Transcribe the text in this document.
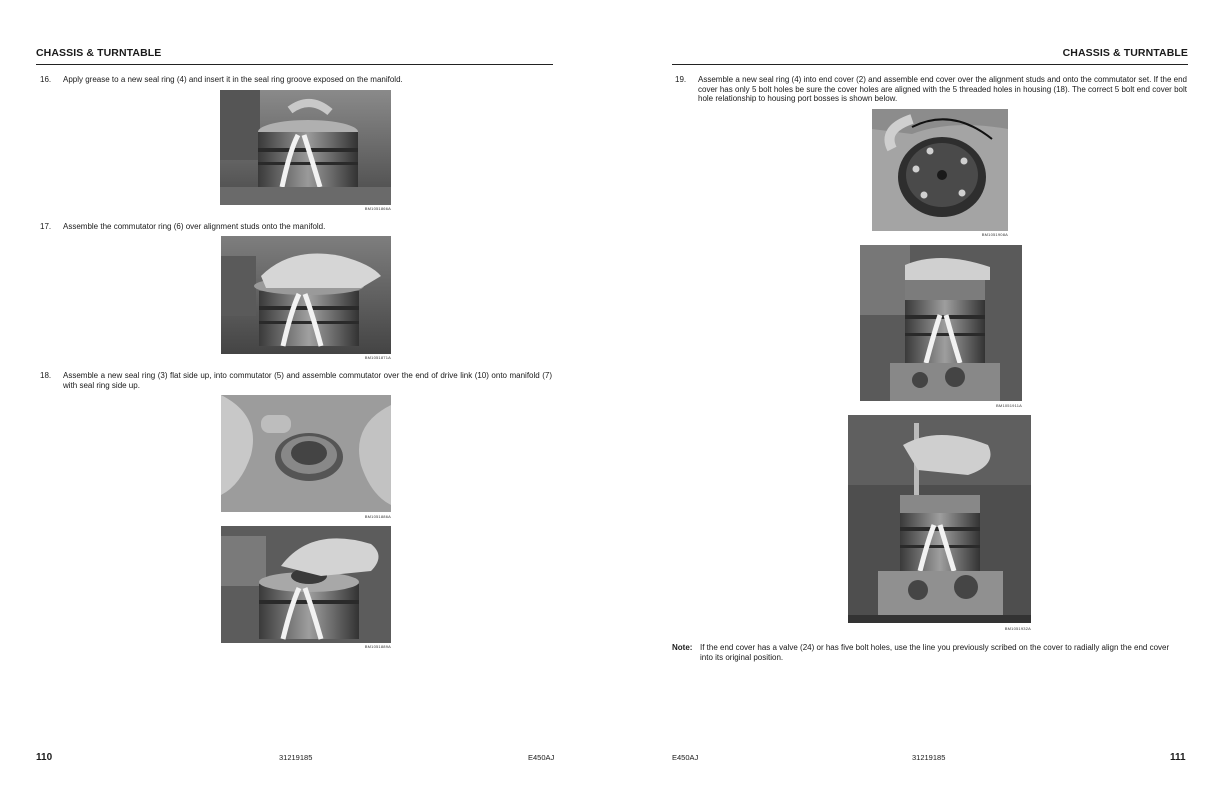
CHASSIS & TURNTABLE
16. Apply grease to a new seal ring (4) and insert it in the seal ring groove exposed on the manifold.
BM1051866A
17. Assemble the commutator ring (6) over alignment studs onto the manifold.
BM1051871A
18. Assemble a new seal ring (3) flat side up, into commutator (5) and assemble commutator over the end of drive link (10) onto manifold (7) with seal ring side up.
BM1051886A
BM1051889A
110	31219185	E450AJ
CHASSIS & TURNTABLE
19. Assemble a new seal ring (4) into end cover (2) and assemble end cover over the alignment studs and onto the commutator set. If the end cover has only 5 bolt holes be sure the cover holes are aligned with the 5 threaded holes in housing (18). The correct 5 bolt end cover bolt hole relationship to housing port bosses is shown below.
BM1051908A
BM1051911A
BM1051932A
Note: If the end cover has a valve (24) or has five bolt holes, use the line you previously scribed on the cover to radially align the end cover into its original position.
E450AJ	31219185	111
